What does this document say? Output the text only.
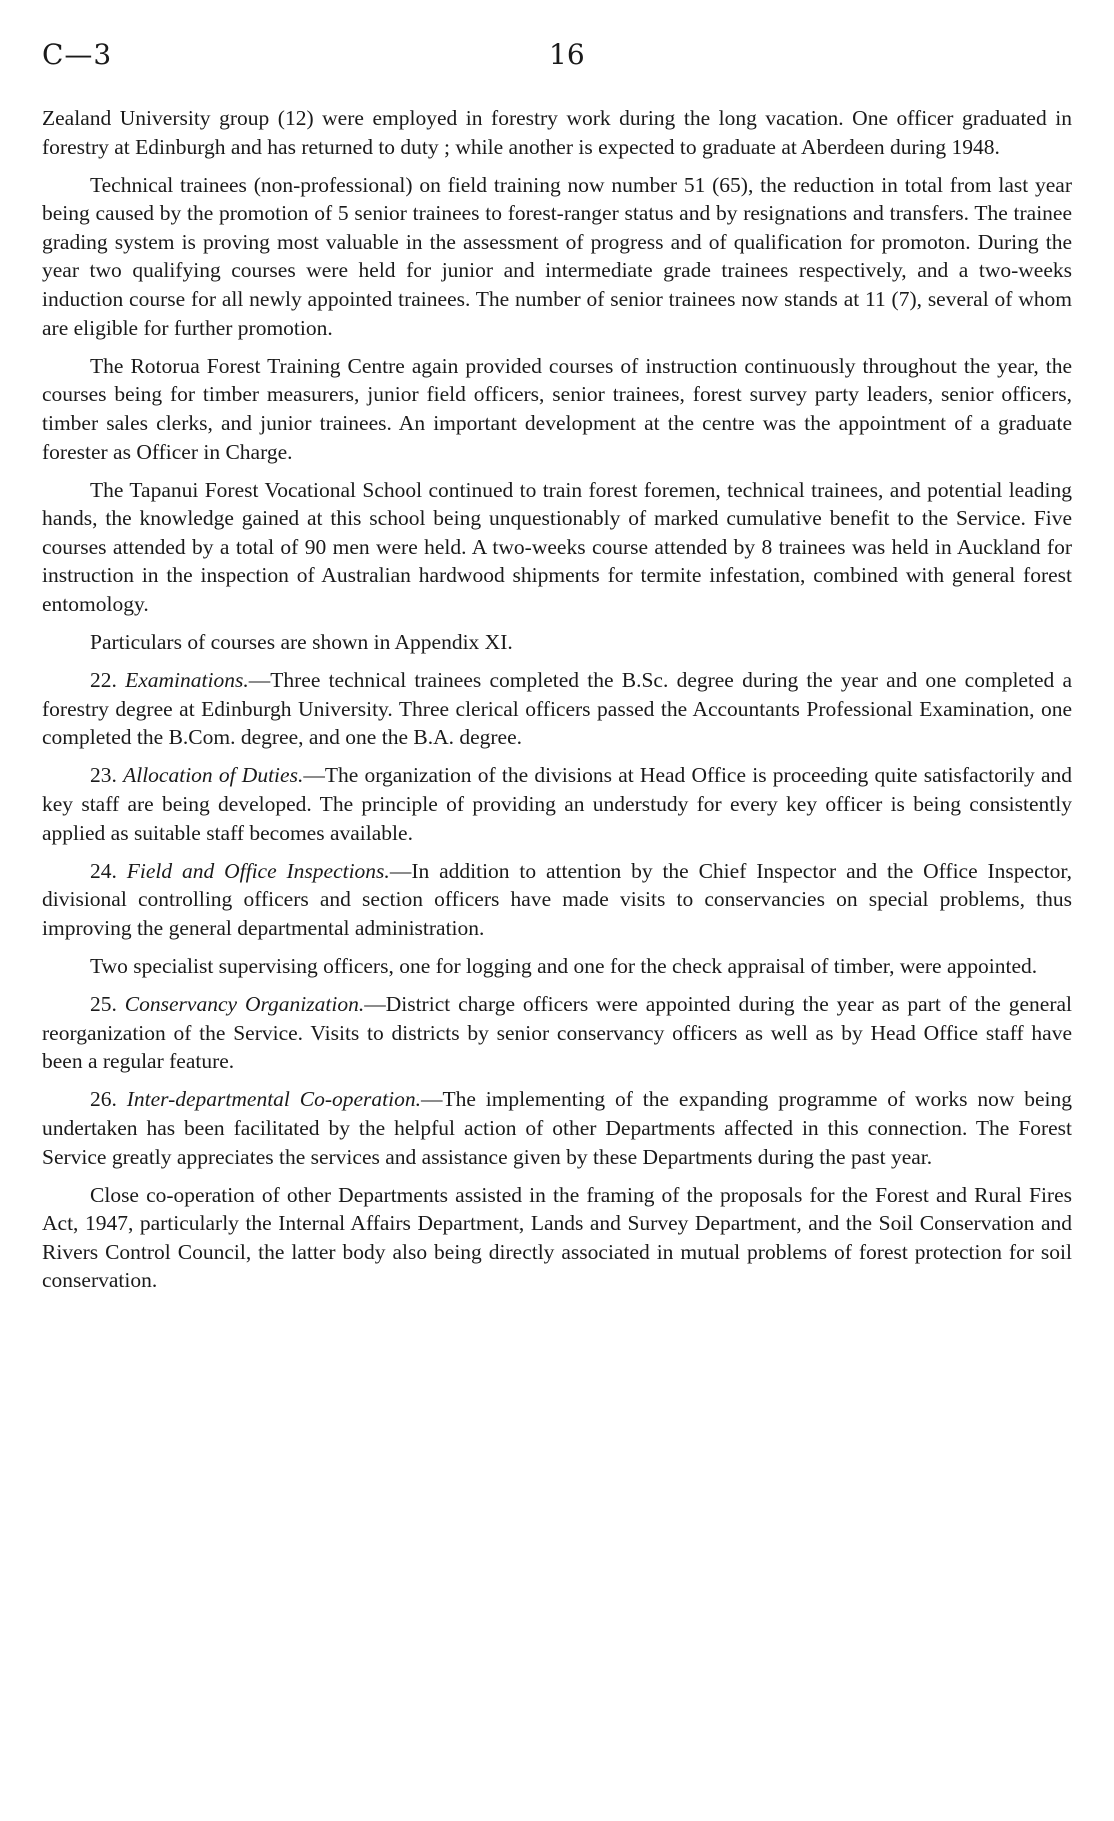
C—3	16

Zealand University group (12) were employed in forestry work during the long vacation. One officer graduated in forestry at Edinburgh and has returned to duty ; while another is expected to graduate at Aberdeen during 1948.

Technical trainees (non-professional) on field training now number 51 (65), the reduction in total from last year being caused by the promotion of 5 senior trainees to forest-ranger status and by resignations and transfers. The trainee grading system is proving most valuable in the assessment of progress and of qualification for promoton. During the year two qualifying courses were held for junior and intermediate grade trainees respectively, and a two-weeks induction course for all newly appointed trainees. The number of senior trainees now stands at 11 (7), several of whom are eligible for further promotion.

The Rotorua Forest Training Centre again provided courses of instruction continuously throughout the year, the courses being for timber measurers, junior field officers, senior trainees, forest survey party leaders, senior officers, timber sales clerks, and junior trainees. An important development at the centre was the appointment of a graduate forester as Officer in Charge.

The Tapanui Forest Vocational School continued to train forest foremen, technical trainees, and potential leading hands, the knowledge gained at this school being unquestionably of marked cumulative benefit to the Service. Five courses attended by a total of 90 men were held. A two-weeks course attended by 8 trainees was held in Auckland for instruction in the inspection of Australian hardwood shipments for termite infestation, combined with general forest entomology.

Particulars of courses are shown in Appendix XI.

22. Examinations.—Three technical trainees completed the B.Sc. degree during the year and one completed a forestry degree at Edinburgh University. Three clerical officers passed the Accountants Professional Examination, one completed the B.Com. degree, and one the B.A. degree.

23. Allocation of Duties.—The organization of the divisions at Head Office is proceeding quite satisfactorily and key staff are being developed. The principle of providing an understudy for every key officer is being consistently applied as suitable staff becomes available.

24. Field and Office Inspections.—In addition to attention by the Chief Inspector and the Office Inspector, divisional controlling officers and section officers have made visits to conservancies on special problems, thus improving the general departmental administration.

Two specialist supervising officers, one for logging and one for the check appraisal of timber, were appointed.

25. Conservancy Organization.—District charge officers were appointed during the year as part of the general reorganization of the Service. Visits to districts by senior conservancy officers as well as by Head Office staff have been a regular feature.

26. Inter-departmental Co-operation.—The implementing of the expanding programme of works now being undertaken has been facilitated by the helpful action of other Departments affected in this connection. The Forest Service greatly appreciates the services and assistance given by these Departments during the past year.

Close co-operation of other Departments assisted in the framing of the proposals for the Forest and Rural Fires Act, 1947, particularly the Internal Affairs Department, Lands and Survey Department, and the Soil Conservation and Rivers Control Council, the latter body also being directly associated in mutual problems of forest protection for soil conservation.
